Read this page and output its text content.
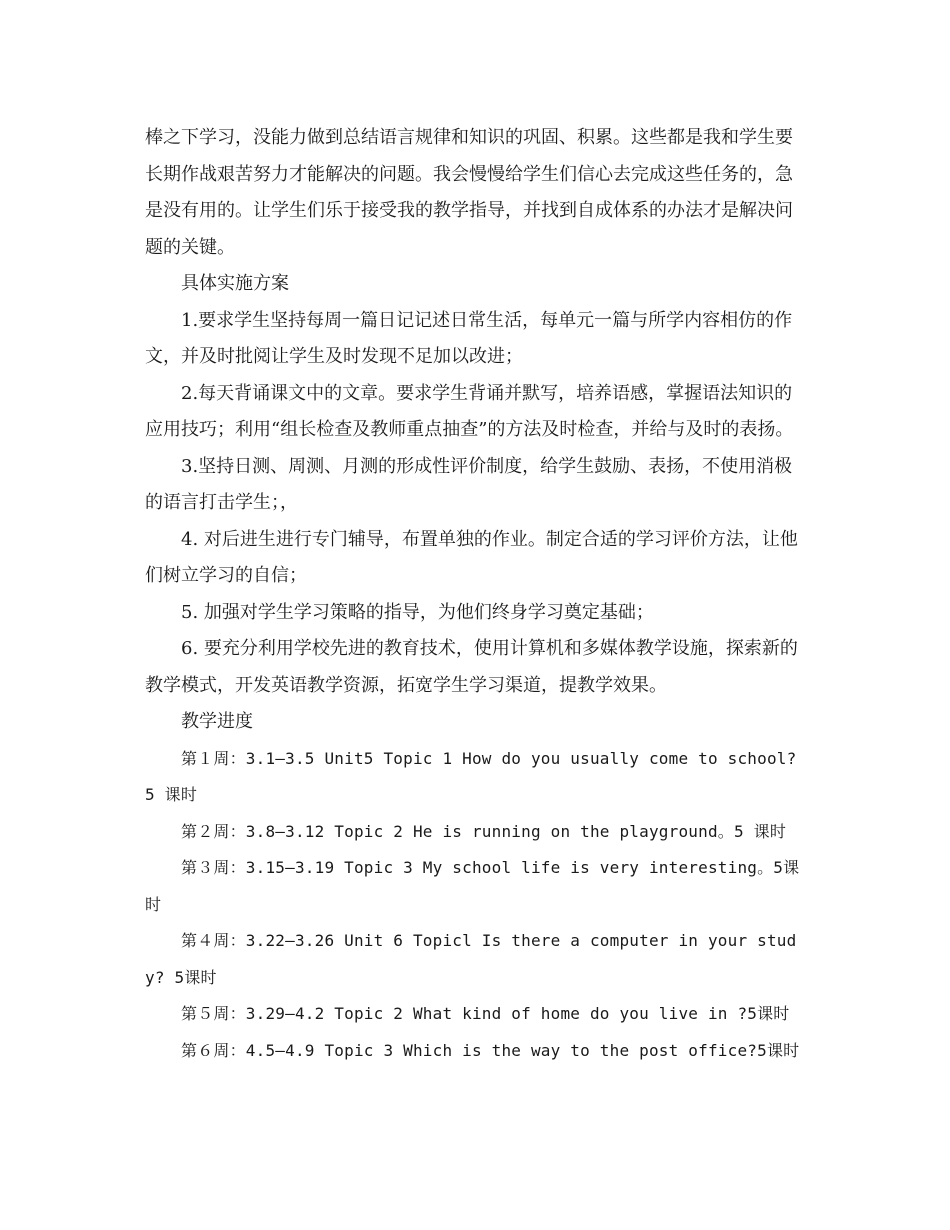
棒之下学习，没能力做到总结语言规律和知识的巩固、积累。这些都是我和学生要长期作战艰苦努力才能解决的问题。我会慢慢给学生们信心去完成这些任务的，急是没有用的。让学生们乐于接受我的教学指导，并找到自成体系的办法才是解决问题的关键。

具体实施方案

1.要求学生坚持每周一篇日记记述日常生活，每单元一篇与所学内容相仿的作文，并及时批阅让学生及时发现不足加以改进；

2.每天背诵课文中的文章。要求学生背诵并默写，培养语感，掌握语法知识的应用技巧；利用“组长检查及教师重点抽查”的方法及时检查，并给与及时的表扬。

3.坚持日测、周测、月测的形成性评价制度，给学生鼓励、表扬，不使用消极的语言打击学生；，

4. 对后进生进行专门辅导，布置单独的作业。制定合适的学习评价方法，让他们树立学习的自信；

5. 加强对学生学习策略的指导，为他们终身学习奠定基础；

6. 要充分利用学校先进的教育技术，使用计算机和多媒体教学设施，探索新的教学模式，开发英语教学资源，拓宽学生学习渠道，提教学效果。

教学进度

第１周：3.1—3.5 Unit5 Topic 1 How do you usually come to school? 5 课时

第２周：3.8—3.12 Topic 2 He is running on the playground。5 课时

第３周：3.15—3.19 Topic 3 My school life is very interesting。5课时

第４周：3.22—3.26 Unit 6 Topicl Is there a computer in your study? 5课时

第５周：3.29—4.2 Topic 2 What kind of home do you live in ?5课时

第６周：4.5—4.9 Topic 3 Which is the way to the post office?5课时
